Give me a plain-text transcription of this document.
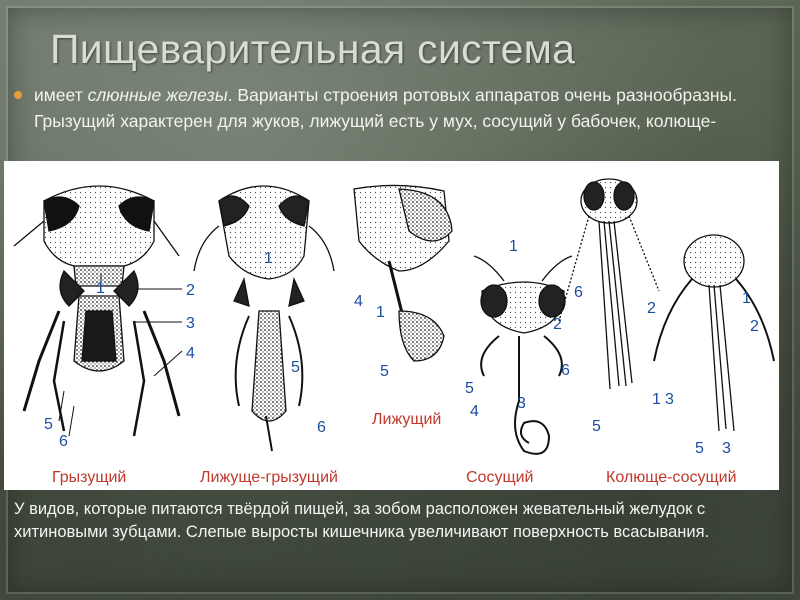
Пищеварительная система

имеет слюнные железы. Варианты строения ротовых аппаратов очень разнообразны. Грызущий характерен для жуков, лижущий есть у мух, сосущий у бабочек, колюще-

1	2
3
4
5
6
Грызущий
1
5
6
Лижуще-грызущий
4
1
5
Лижущий
1
2
5
6
4 3
Сосущий
6
2
1 3
5
1
2
5 3
Колюще-сосущий
У видов, которые питаются твёрдой пищей, за зобом расположен жевательный желудок с хитиновыми зубцами. Слепые выросты кишечника увеличивают поверхность всасывания.
